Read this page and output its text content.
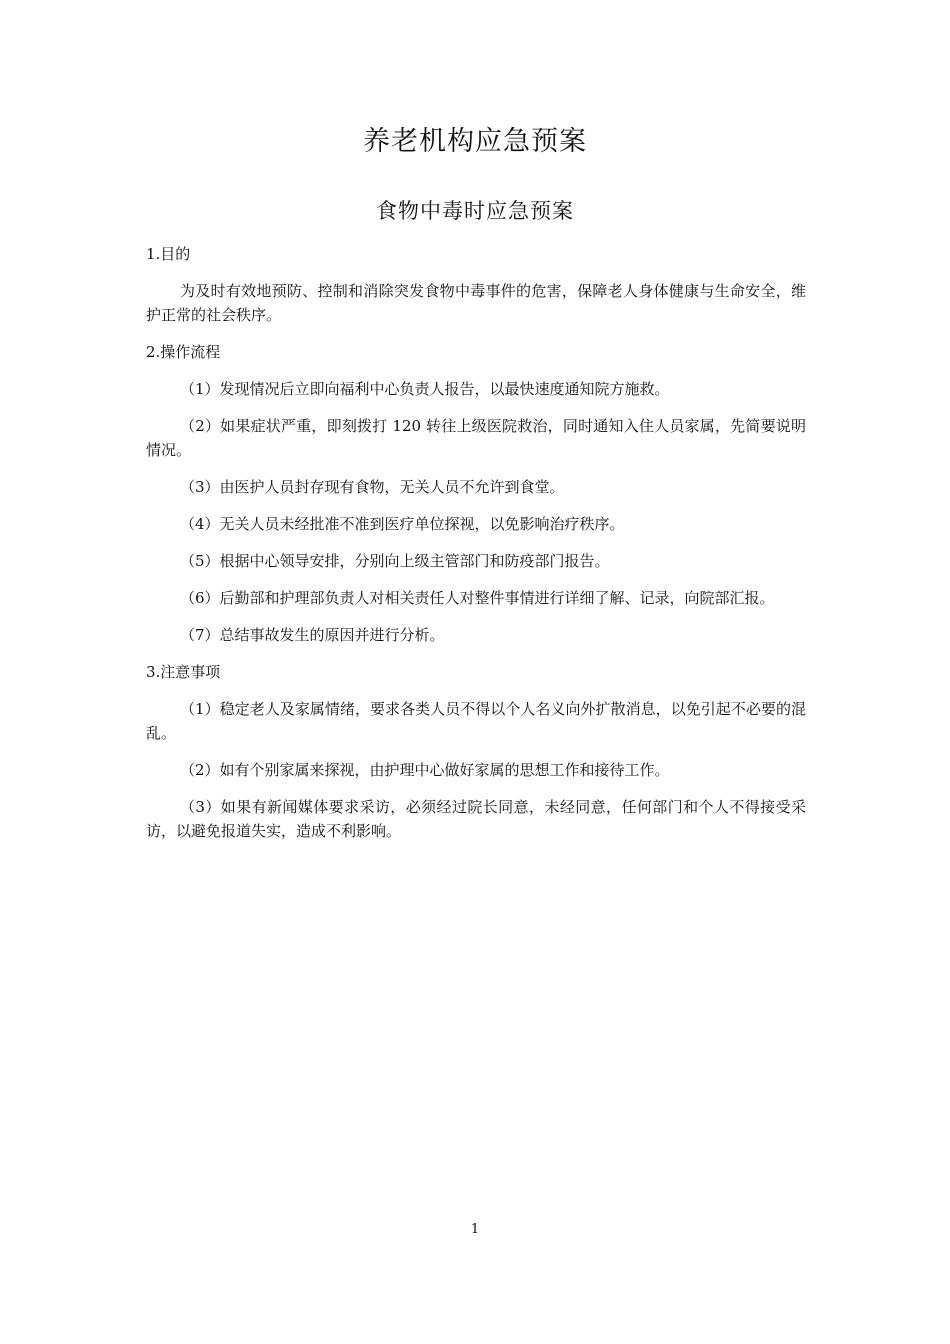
养老机构应急预案
食物中毒时应急预案
1.目的
为及时有效地预防、控制和消除突发食物中毒事件的危害，保障老人身体健康与生命安全，维护正常的社会秩序。
2.操作流程
（1）发现情况后立即向福利中心负责人报告，以最快速度通知院方施救。
（2）如果症状严重，即刻拨打 120 转往上级医院救治，同时通知入住人员家属，先简要说明情况。
（3）由医护人员封存现有食物，无关人员不允许到食堂。
（4）无关人员未经批准不准到医疗单位探视，以免影响治疗秩序。
（5）根据中心领导安排，分别向上级主管部门和防疫部门报告。
（6）后勤部和护理部负责人对相关责任人对整件事情进行详细了解、记录，向院部汇报。
（7）总结事故发生的原因并进行分析。
3.注意事项
（1）稳定老人及家属情绪，要求各类人员不得以个人名义向外扩散消息，以免引起不必要的混乱。
（2）如有个别家属来探视，由护理中心做好家属的思想工作和接待工作。
（3）如果有新闻媒体要求采访，必须经过院长同意，未经同意，任何部门和个人不得接受采访，以避免报道失实，造成不利影响。
1
